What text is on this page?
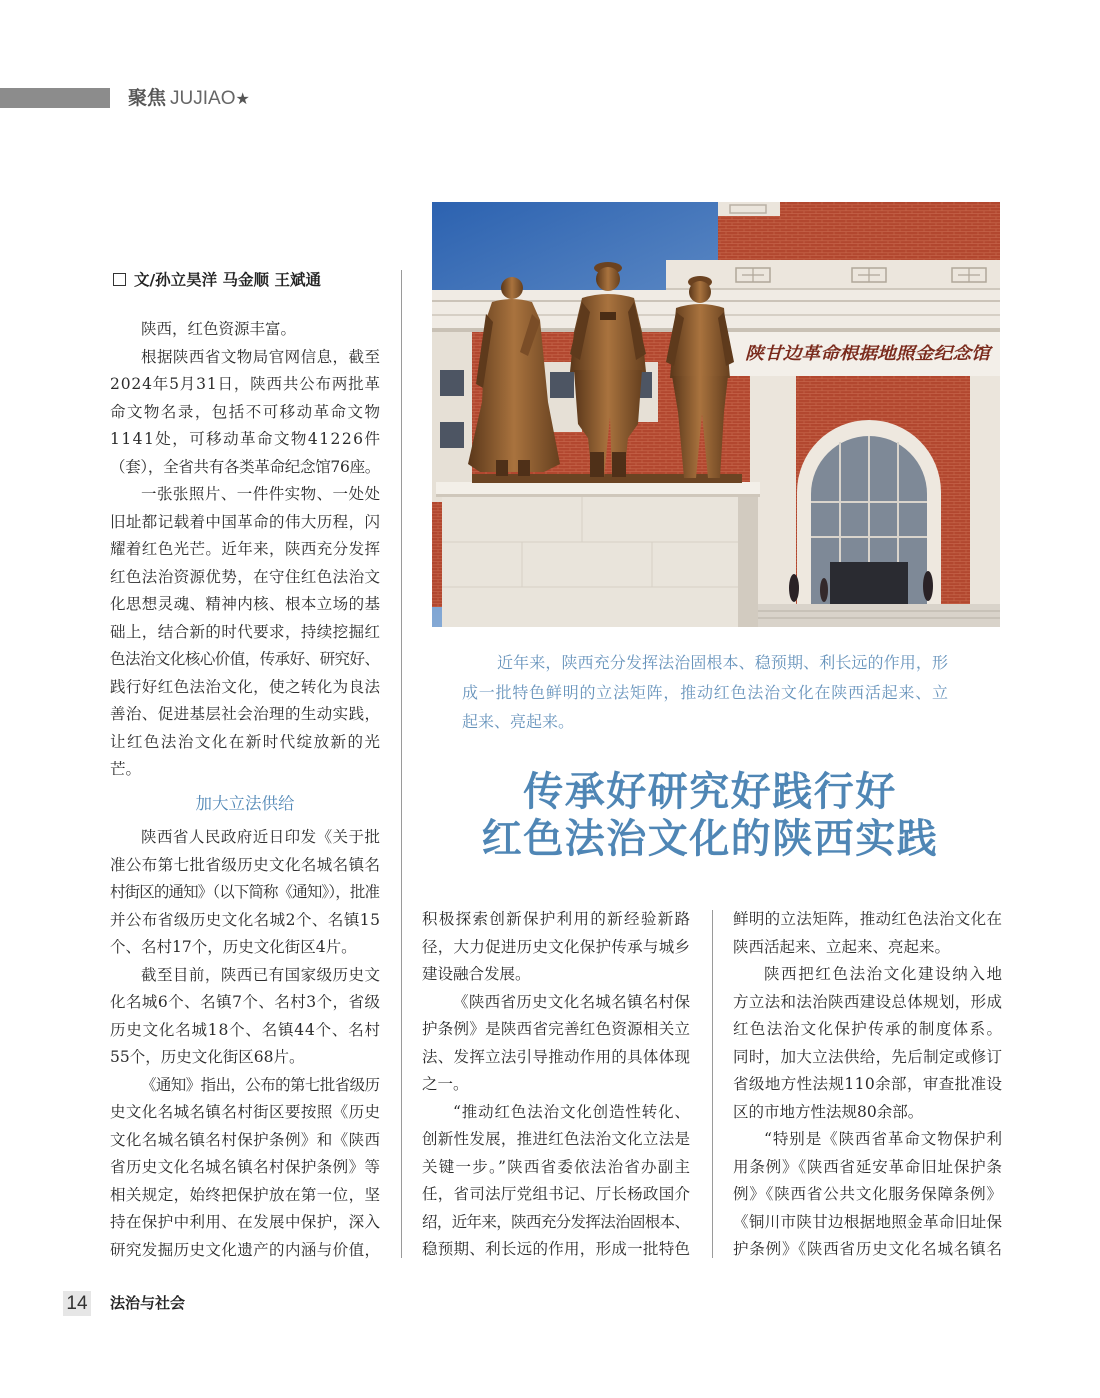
聚焦 JUJIAO★
文/孙立昊洋 马金顺 王斌通
陕西，红色资源丰富。
根据陕西省文物局官网信息，截至
2024年5月31日，陕西共公布两批革
命文物名录，包括不可移动革命文物
1141处，可移动革命文物41226件
（套），全省共有各类革命纪念馆76座。
一张张照片、一件件实物、一处处
旧址都记载着中国革命的伟大历程，闪
耀着红色光芒。近年来，陕西充分发挥
红色法治资源优势，在守住红色法治文
化思想灵魂、精神内核、根本立场的基
础上，结合新的时代要求，持续挖掘红
色法治文化核心价值，传承好、研究好、
践行好红色法治文化，使之转化为良法
善治、促进基层社会治理的生动实践，
让红色法治文化在新时代绽放新的光
芒。
加大立法供给
陕西省人民政府近日印发《关于批
准公布第七批省级历史文化名城名镇名
村街区的通知》（以下简称《通知》），批准
并公布省级历史文化名城2个、名镇15
个、名村17个，历史文化街区4片。
截至目前，陕西已有国家级历史文
化名城6个、名镇7个、名村3个，省级
历史文化名城18个、名镇44个、名村
55个，历史文化街区68片。
《通知》指出，公布的第七批省级历
史文化名城名镇名村街区要按照《历史
文化名城名镇名村保护条例》和《陕西
省历史文化名城名镇名村保护条例》等
相关规定，始终把保护放在第一位，坚
持在保护中利用、在发展中保护，深入
研究发掘历史文化遗产的内涵与价值，
陕甘边革命根据地照金纪念馆
近年来，陕西充分发挥法治固根本、稳预期、利长远的作用，形
成一批特色鲜明的立法矩阵，推动红色法治文化在陕西活起来、立
起来、亮起来。
传承好研究好践行好
红色法治文化的陕西实践
积极探索创新保护利用的新经验新路
径，大力促进历史文化保护传承与城乡
建设融合发展。
《陕西省历史文化名城名镇名村保
护条例》是陕西省完善红色资源相关立
法、发挥立法引导推动作用的具体体现
之一。
“推动红色法治文化创造性转化、
创新性发展，推进红色法治文化立法是
关键一步。”陕西省委依法治省办副主
任，省司法厅党组书记、厅长杨政国介
绍，近年来，陕西充分发挥法治固根本、
稳预期、利长远的作用，形成一批特色
鲜明的立法矩阵，推动红色法治文化在
陕西活起来、立起来、亮起来。
陕西把红色法治文化建设纳入地
方立法和法治陕西建设总体规划，形成
红色法治文化保护传承的制度体系。
同时，加大立法供给，先后制定或修订
省级地方性法规110余部，审查批准设
区的市地方性法规80余部。
“特别是《陕西省革命文物保护利
用条例》《陕西省延安革命旧址保护条
例》《陕西省公共文化服务保障条例》
《铜川市陕甘边根据地照金革命旧址保
护条例》《陕西省历史文化名城名镇名
14 法治与社会
